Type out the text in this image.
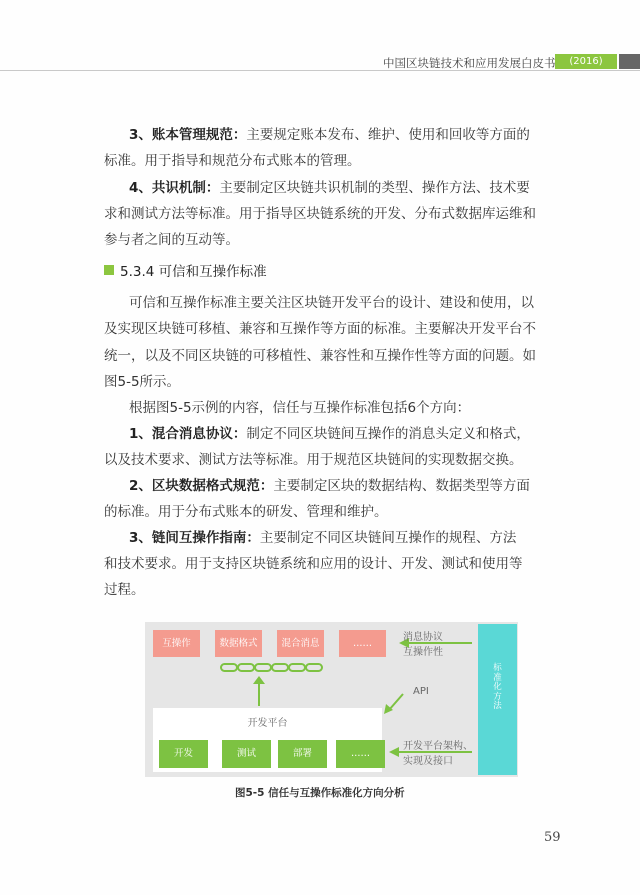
中国区块链技术和应用发展白皮书	(2016)
3、账本管理规范：主要规定账本发布、维护、使用和回收等方面的
标准。用于指导和规范分布式账本的管理。
4、共识机制：主要制定区块链共识机制的类型、操作方法、技术要
求和测试方法等标准。用于指导区块链系统的开发、分布式数据库运维和
参与者之间的互动等。
5.3.4 可信和互操作标准
可信和互操作标准主要关注区块链开发平台的设计、建设和使用，以
及实现区块链可移植、兼容和互操作等方面的标准。主要解决开发平台不
统一，以及不同区块链的可移植性、兼容性和互操作性等方面的问题。如
图5-5所示。
根据图5-5示例的内容，信任与互操作标准包括6个方向：
1、混合消息协议：制定不同区块链间互操作的消息头定义和格式，
以及技术要求、测试方法等标准。用于规范区块链间的实现数据交换。
2、区块数据格式规范：主要制定区块的数据结构、数据类型等方面
的标准。用于分布式账本的研发、管理和维护。
3、链间互操作指南：主要制定不同区块链间互操作的规程、方法
和技术要求。用于支持区块链系统和应用的设计、开发、测试和使用等
过程。
互操作	数据格式	混合消息	……
开发平台
开发	测试	部署	……
消息协议
互操作性
API
开发平台架构、
实现及接口
标
准
化
方
法
图5-5 信任与互操作标准化方向分析
59
